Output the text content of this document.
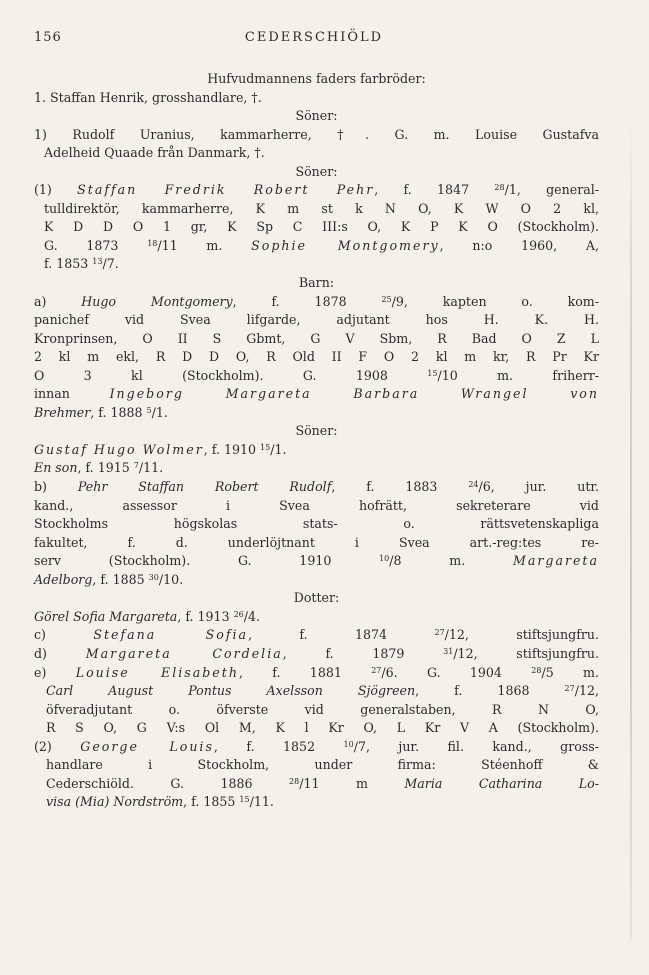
156	CEDERSCHIÖLD
Hufvudmannens faders farbröder:
1. Staffan Henrik, grosshandlare, †.
Söner:
1) Rudolf Uranius, kammarherre, †. G. m. Louise Gustafva
Adelheid Quaade från Danmark, †.
Söner:
(1) Staffan Fredrik Robert Pehr, f. 1847 $^{28}$/1, general-
tulldirektör, kammarherre, K m st k N O, K W O 2 kl,
K D D O 1 gr, K Sp C III:s O, K P K O (Stockholm).
G. 1873 $^{18}$/11 m. Sophie Montgomery, n:o 1960, A,
f. 1853 $^{13}$/7.
Barn:
a) Hugo Montgomery, f. 1878 $^{25}$/9, kapten o. kom-
panichef vid Svea lifgarde, adjutant hos H. K. H.
Kronprinsen, O II S Gbmt, G V Sbm, R Bad O Z L
2 kl m ekl, R D D O, R Old II F O 2 kl m kr, R Pr Kr
O 3 kl (Stockholm). G. 1908 $^{15}$/10 m. friherr-
innan Ingeborg Margareta Barbara Wrangel von
Brehmer, f. 1888 $^5$/1.
Söner:
Gustaf Hugo Wolmer, f. 1910 $^{15}$/1.
En son, f. 1915 $^7$/11.
b) Pehr Staffan Robert Rudolf, f. 1883 $^{24}$/6, jur. utr.
kand., assessor i Svea hofrätt, sekreterare vid
Stockholms högskolas stats- o. rättsvetenskapliga
fakultet, f. d. underlöjtnant i Svea art.-reg:tes re-
serv (Stockholm). G. 1910 $^{10}$/8 m. Margareta
Adelborg, f. 1885 $^{30}$/10.
Dotter:
Görel Sofia Margareta, f. 1913 $^{26}$/4.
c) Stefana Sofia, f. 1874 $^{27}$/12, stiftsjungfru.
d) Margareta Cordelia, f. 1879 $^{31}$/12, stiftsjungfru.
e) Louise Elisabeth, f. 1881 $^{27}$/6. G. 1904 $^{28}$/5 m.
Carl August Pontus Axelsson Sjögreen, f. 1868 $^{27}$/12,
öfveradjutant o. öfverste vid generalstaben, R N O,
R S O, G V:s Ol M, K l Kr O, L Kr V A (Stockholm).
(2) George Louis, f. 1852 $^{10}$/7, jur. fil. kand., gross-
handlare i Stockholm, under firma: Stéenhoff &
Cederschiöld. G. 1886 $^{28}$/11 m Maria Catharina Lo-
visa (Mia) Nordström, f. 1855 $^{15}$/11.
